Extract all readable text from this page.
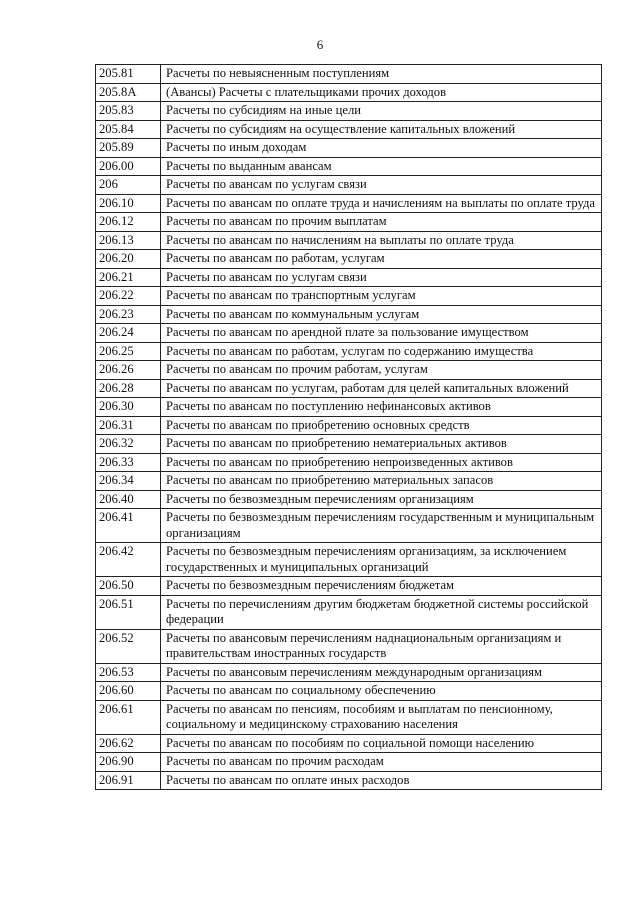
6
205.81	Расчеты по невыясненным поступлениям
205.8А	(Авансы) Расчеты с плательщиками прочих доходов
205.83	Расчеты по субсидиям на иные цели
205.84	Расчеты по субсидиям на осуществление капитальных вложений
205.89	Расчеты по иным доходам
206.00	Расчеты по выданным авансам
206	Расчеты по авансам по услугам связи
206.10	Расчеты по авансам по оплате труда и начислениям на выплаты по оплате труда
206.12	Расчеты по авансам по прочим выплатам
206.13	Расчеты по авансам по начислениям на выплаты по оплате труда
206.20	Расчеты по авансам по работам, услугам
206.21	Расчеты по авансам по услугам связи
206.22	Расчеты по авансам по транспортным услугам
206.23	Расчеты по авансам по коммунальным услугам
206.24	Расчеты по авансам по арендной плате за пользование имуществом
206.25	Расчеты по авансам по работам, услугам по содержанию имущества
206.26	Расчеты по авансам по прочим работам, услугам
206.28	Расчеты по авансам по услугам, работам для целей капитальных вложений
206.30	Расчеты по авансам по поступлению нефинансовых активов
206.31	Расчеты по авансам по приобретению основных средств
206.32	Расчеты по авансам по приобретению нематериальных активов
206.33	Расчеты по авансам по приобретению непроизведенных активов
206.34	Расчеты по авансам по приобретению материальных запасов
206.40	Расчеты по безвозмездным перечислениям организациям
206.41	Расчеты по безвозмездным перечислениям государственным и муниципальным организациям
206.42	Расчеты по безвозмездным перечислениям организациям, за исключением государственных и муниципальных организаций
206.50	Расчеты по безвозмездным перечислениям бюджетам
206.51	Расчеты по перечислениям другим бюджетам бюджетной системы российской федерации
206.52	Расчеты по авансовым перечислениям наднациональным организациям и правительствам иностранных государств
206.53	Расчеты по авансовым перечислениям международным организациям
206.60	Расчеты по авансам по социальному обеспечению
206.61	Расчеты по авансам по пенсиям, пособиям и выплатам по пенсионному, социальному и медицинскому страхованию населения
206.62	Расчеты по авансам по пособиям по социальной помощи населению
206.90	Расчеты по авансам по прочим расходам
206.91	Расчеты по авансам по оплате иных расходов
